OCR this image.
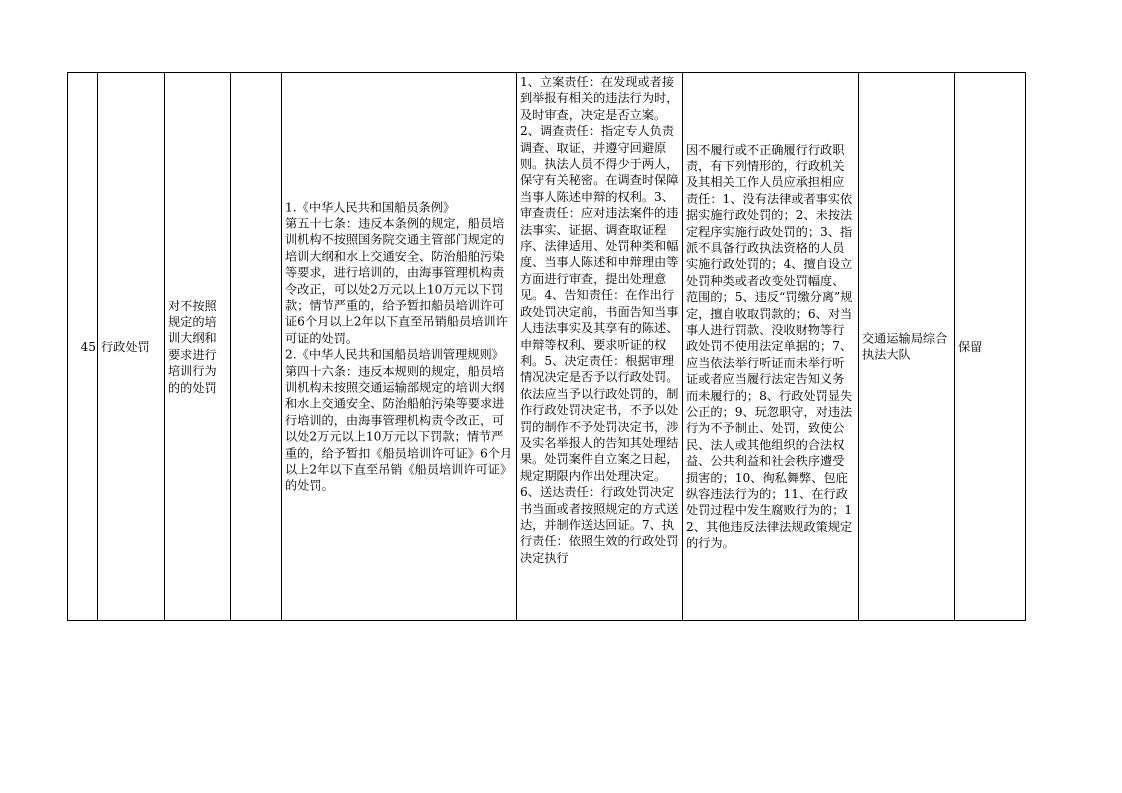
45 行政处罚
对不按照规定的培训大纲和要求进行培训行为的的处罚
1.《中华人民共和国船员条例》
第五十七条：违反本条例的规定，船员培训机构不按照国务院交通主管部门规定的培训大纲和水上交通安全、防治船舶污染等要求，进行培训的，由海事管理机构责令改正，可以处2万元以上10万元以下罚款；情节严重的，给予暂扣船员培训许可证6个月以上2年以下直至吊销船员培训许可证的处罚。
2.《中华人民共和国船员培训管理规则》
第四十六条：违反本规则的规定，船员培训机构未按照交通运输部规定的培训大纲和水上交通安全、防治船舶污染等要求进行培训的，由海事管理机构责令改正，可以处2万元以上10万元以下罚款；情节严重的，给予暂扣《船员培训许可证》6个月以上2年以下直至吊销《船员培训许可证》的处罚。
1、立案责任：在发现或者接到举报有相关的违法行为时，及时审查，决定是否立案。2、调查责任：指定专人负责调查、取证，并遵守回避原则。执法人员不得少于两人，保守有关秘密。在调查时保障当事人陈述申辩的权利。3、审查责任：应对违法案件的违法事实、证据、调查取证程序、法律适用、处罚种类和幅度、当事人陈述和申辩理由等方面进行审查，提出处理意见。4、告知责任：在作出行政处罚决定前，书面告知当事人违法事实及其享有的陈述、申辩等权利、要求听证的权利。5、决定责任：根据审理情况决定是否予以行政处罚。依法应当予以行政处罚的，制作行政处罚决定书，不予以处罚的制作不予处罚决定书，涉及实名举报人的告知其处理结果。处罚案件自立案之日起，规定期限内作出处理决定。
6、送达责任：行政处罚决定书当面或者按照规定的方式送达，并制作送达回证。7、执行责任：依照生效的行政处罚决定执行
因不履行或不正确履行行政职责，有下列情形的，行政机关及其相关工作人员应承担相应责任：1、没有法律或者事实依据实施行政处罚的；2、未按法定程序实施行政处罚的；3、指派不具备行政执法资格的人员实施行政处罚的；4、擅自设立处罚种类或者改变处罚幅度、范围的；5、违反“罚缴分离”规定，擅自收取罚款的；6、对当事人进行罚款、没收财物等行政处罚不使用法定单据的；7、应当依法举行听证而未举行听证或者应当履行法定告知义务而未履行的；8、行政处罚显失公正的；9、玩忽职守，对违法行为不予制止、处罚，致使公民、法人或其他组织的合法权益、公共利益和社会秩序遭受损害的；10、徇私舞弊、包庇纵容违法行为的；11、在行政处罚过程中发生腐败行为的；12、其他违反法律法规政策规定的行为。
交通运输局综合执法大队
保留
